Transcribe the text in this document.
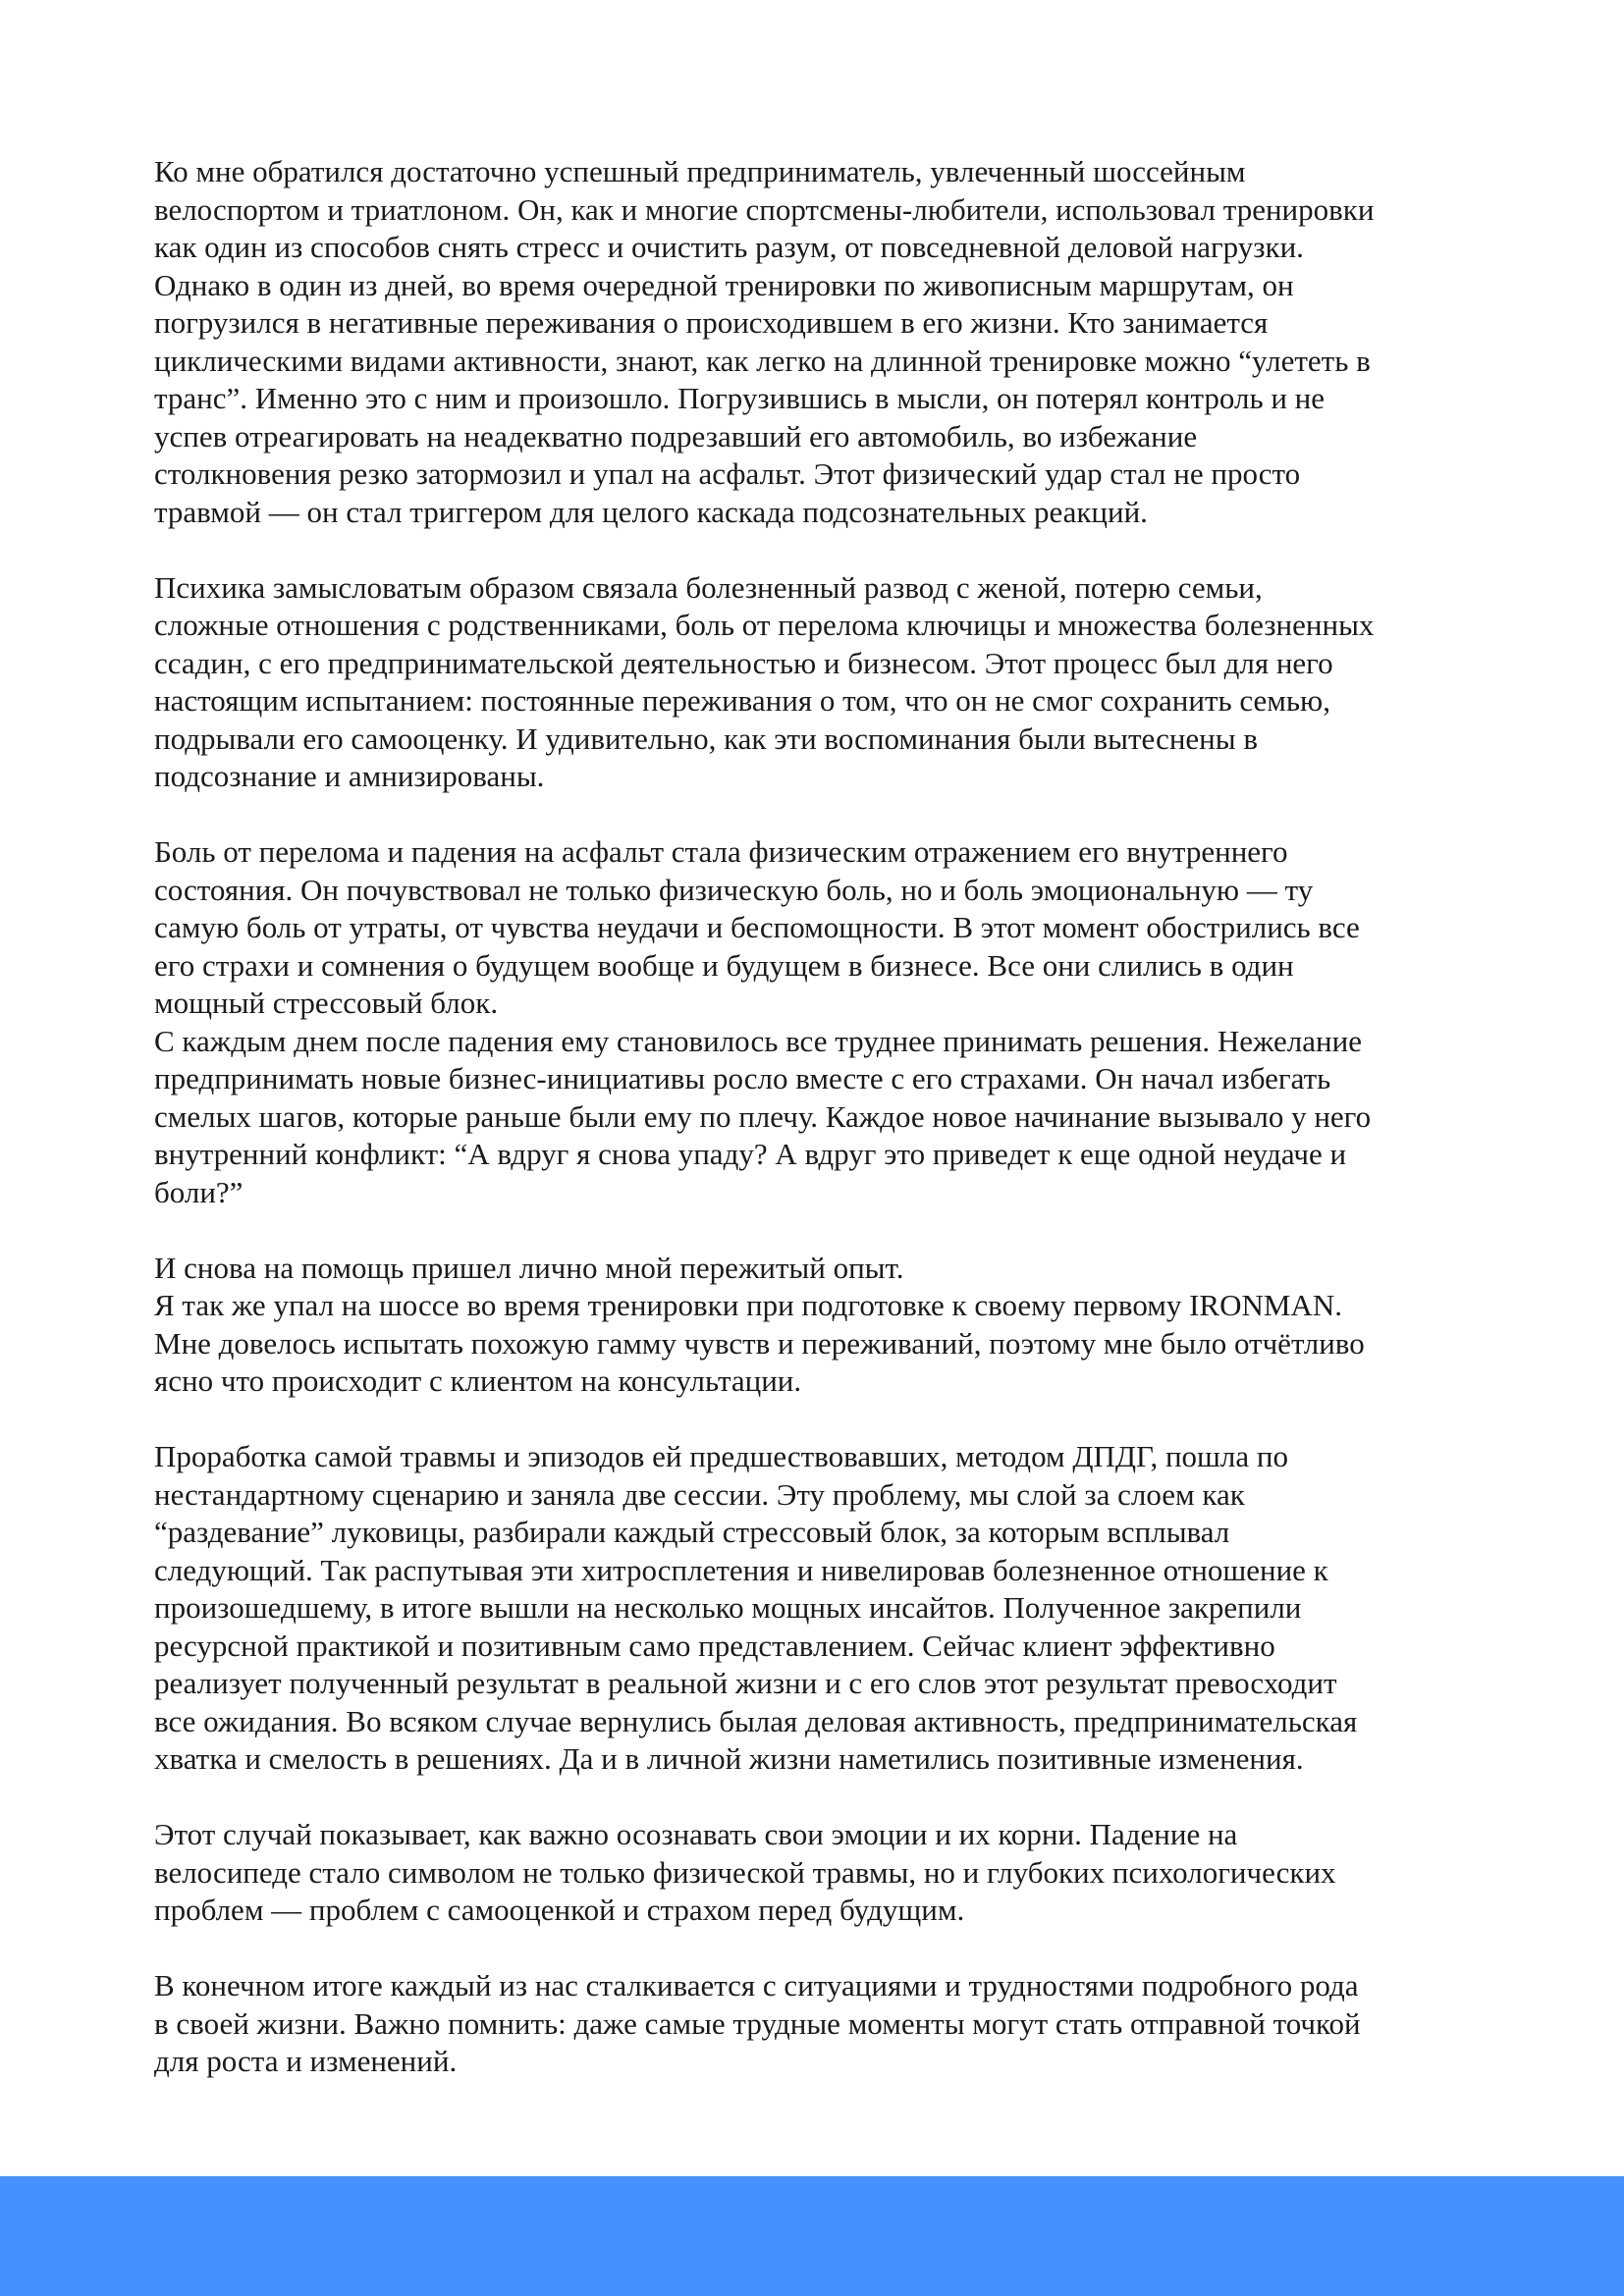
Ко мне обратился достаточно успешный предприниматель, увлеченный шоссейным
велоспортом и триатлоном. Он, как и многие спортсмены-любители, использовал тренировки
как один из способов снять стресс и очистить разум, от повседневной деловой нагрузки.
Однако в один из дней, во время очередной тренировки по живописным маршрутам, он
погрузился в негативные переживания о происходившем в его жизни. Кто занимается
циклическими видами активности, знают, как легко на длинной тренировке можно “улететь в
транс”. Именно это с ним и произошло. Погрузившись в мысли, он потерял контроль и не
успев отреагировать на неадекватно подрезавший его автомобиль, во избежание
столкновения резко затормозил и упал на асфальт. Этот физический удар стал не просто
травмой — он стал триггером для целого каскада подсознательных реакций.
Психика замысловатым образом связала болезненный развод с женой, потерю семьи,
сложные отношения с родственниками, боль от перелома ключицы и множества болезненных
ссадин, с его предпринимательской деятельностью и бизнесом. Этот процесс был для него
настоящим испытанием: постоянные переживания о том, что он не смог сохранить семью,
подрывали его самооценку. И удивительно, как эти воспоминания были вытеснены в
подсознание и амнизированы.
Боль от перелома и падения на асфальт стала физическим отражением его внутреннего
состояния. Он почувствовал не только физическую боль, но и боль эмоциональную — ту
самую боль от утраты, от чувства неудачи и беспомощности. В этот момент обострились все
его страхи и сомнения о будущем вообще и будущем в бизнесе. Все они слились в один
мощный стрессовый блок.
С каждым днем после падения ему становилось все труднее принимать решения. Нежелание
предпринимать новые бизнес-инициативы росло вместе с его страхами. Он начал избегать
смелых шагов, которые раньше были ему по плечу. Каждое новое начинание вызывало у него
внутренний конфликт: “А вдруг я снова упаду? А вдруг это приведет к еще одной неудаче и
боли?”
И снова на помощь пришел лично мной пережитый опыт.
Я так же упал на шоссе во время тренировки при подготовке к своему первому IRONMAN.
Мне довелось испытать похожую гамму чувств и переживаний, поэтому мне было отчётливо
ясно что происходит с клиентом на консультации.
Проработка самой травмы и эпизодов ей предшествовавших, методом ДПДГ, пошла по
нестандартному сценарию и заняла две сессии. Эту проблему, мы слой за слоем как
“раздевание” луковицы, разбирали каждый стрессовый блок, за которым всплывал
следующий. Так распутывая эти хитросплетения и нивелировав болезненное отношение к
произошедшему, в итоге вышли на несколько мощных инсайтов. Полученное закрепили
ресурсной практикой и позитивным само представлением. Сейчас клиент эффективно
реализует полученный результат в реальной жизни и с его слов этот результат превосходит
все ожидания. Во всяком случае вернулись былая деловая активность, предпринимательская
хватка и смелость в решениях. Да и в личной жизни наметились позитивные изменения.
Этот случай показывает, как важно осознавать свои эмоции и их корни. Падение на
велосипеде стало символом не только физической травмы, но и глубоких психологических
проблем — проблем с самооценкой и страхом перед будущим.
В конечном итоге каждый из нас сталкивается с ситуациями и трудностями подробного рода
в своей жизни. Важно помнить: даже самые трудные моменты могут стать отправной точкой
для роста и изменений.
